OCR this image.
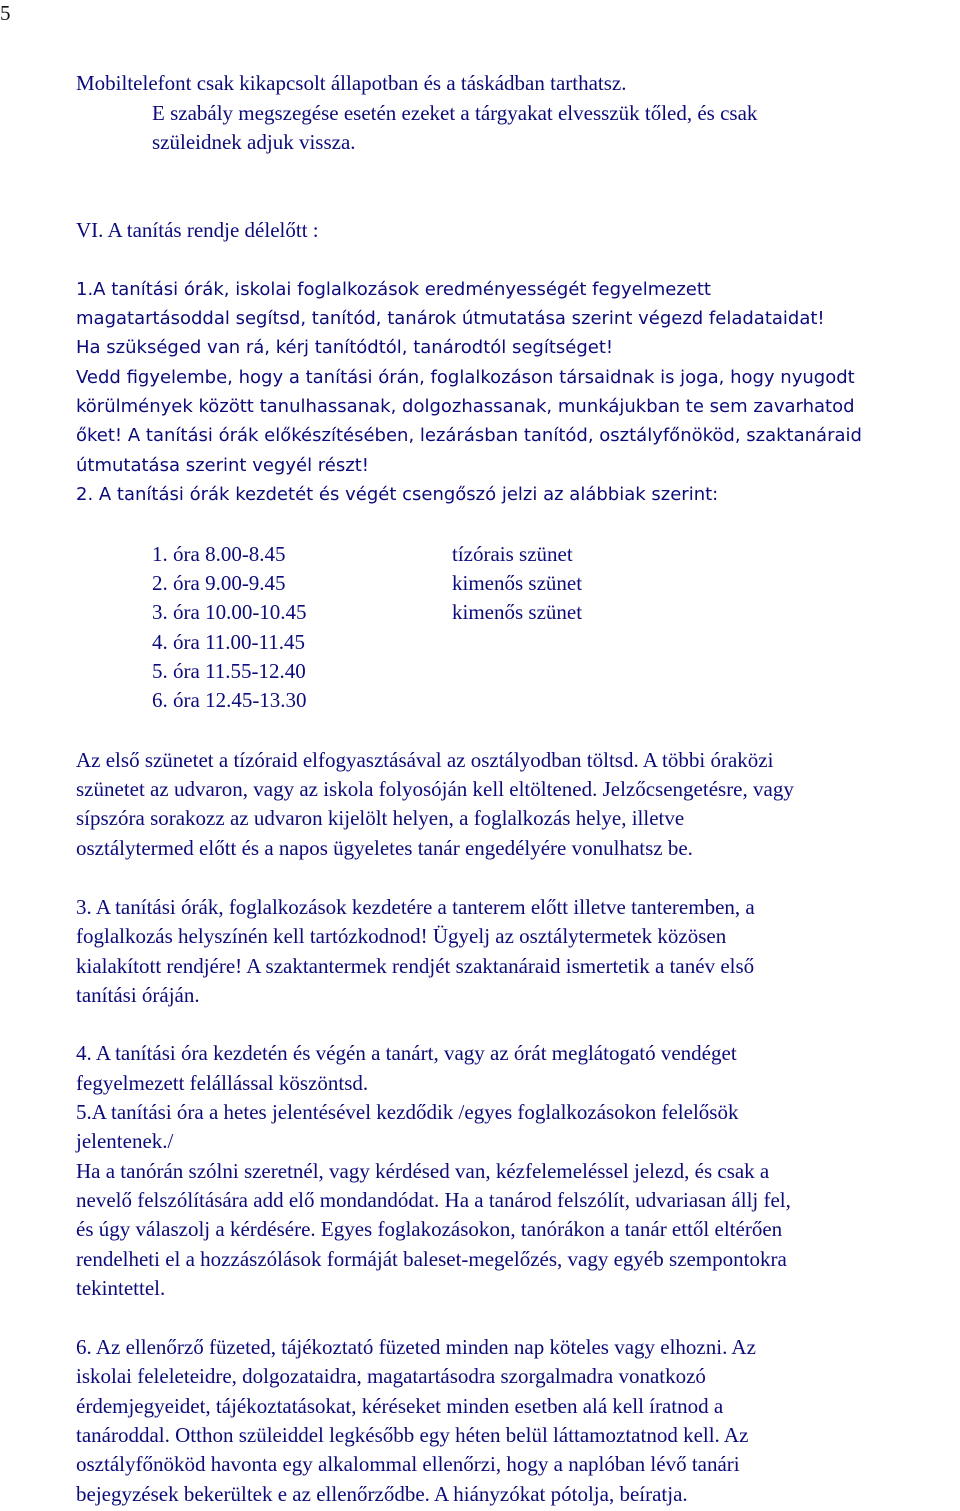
5
Mobiltelefont csak kikapcsolt állapotban és a táskádban tarthatsz.
E szabály megszegése esetén ezeket a tárgyakat elvesszük tőled, és csak
szüleidnek adjuk vissza.
VI. A tanítás rendje délelőtt :
1.A tanítási órák, iskolai foglalkozások eredményességét fegyelmezett
magatartásoddal segítsd, tanítód, tanárok útmutatása szerint végezd feladataidat!
Ha szükséged van rá, kérj tanítódtól, tanárodtól segítséget!
Vedd figyelembe, hogy a tanítási órán, foglalkozáson társaidnak is joga, hogy nyugodt
körülmények között tanulhassanak, dolgozhassanak, munkájukban te sem zavarhatod
őket! A tanítási órák előkészítésében, lezárásban tanítód, osztályfőnököd, szaktanáraid
útmutatása szerint vegyél részt!
2. A tanítási órák kezdetét és végét csengőszó jelzi az alábbiak szerint:
1. óra 8.00-8.45	tízórais szünet
2. óra 9.00-9.45	kimenős szünet
3. óra 10.00-10.45	kimenős szünet
4. óra 11.00-11.45
5. óra 11.55-12.40
6. óra 12.45-13.30
Az első szünetet a tízóraid elfogyasztásával az osztályodban töltsd. A többi óraközi
szünetet az udvaron, vagy az iskola folyosóján kell eltöltened. Jelzőcsengetésre, vagy
sípszóra sorakozz az udvaron kijelölt helyen, a foglalkozás helye, illetve
osztálytermed előtt és a napos ügyeletes tanár engedélyére vonulhatsz be.
3. A tanítási órák, foglalkozások kezdetére a tanterem előtt illetve tanteremben, a
foglalkozás helyszínén kell tartózkodnod! Ügyelj az osztálytermetek közösen
kialakított rendjére! A szaktantermek rendjét szaktanáraid ismertetik a tanév első
tanítási óráján.
4. A tanítási óra kezdetén és végén a tanárt, vagy az órát meglátogató vendéget
fegyelmezett felállással köszöntsd.
5.A tanítási óra a hetes jelentésével kezdődik /egyes foglalkozásokon felelősök
jelentenek./
Ha a tanórán szólni szeretnél, vagy kérdésed van, kézfelemeléssel jelezd, és csak a
nevelő felszólítására add elő mondandódat. Ha a tanárod felszólít, udvariasan állj fel,
és úgy válaszolj a kérdésére. Egyes foglakozásokon, tanórákon a tanár ettől eltérően
rendelheti el a hozzászólások formáját baleset-megelőzés, vagy egyéb szempontokra
tekintettel.
6. Az ellenőrző füzeted, tájékoztató füzeted minden nap köteles vagy elhozni. Az
iskolai feleleteidre, dolgozataidra, magatartásodra szorgalmadra vonatkozó
érdemjegyeidet, tájékoztatásokat, kéréseket minden esetben alá kell íratnod a
tanároddal. Otthon szüleiddel legkésőbb egy héten belül láttamoztatnod kell. Az
osztályfőnököd havonta egy alkalommal ellenőrzi, hogy a naplóban lévő tanári
bejegyzések bekerültek e az ellenőrződbe. A hiányzókat pótolja, beíratja.
